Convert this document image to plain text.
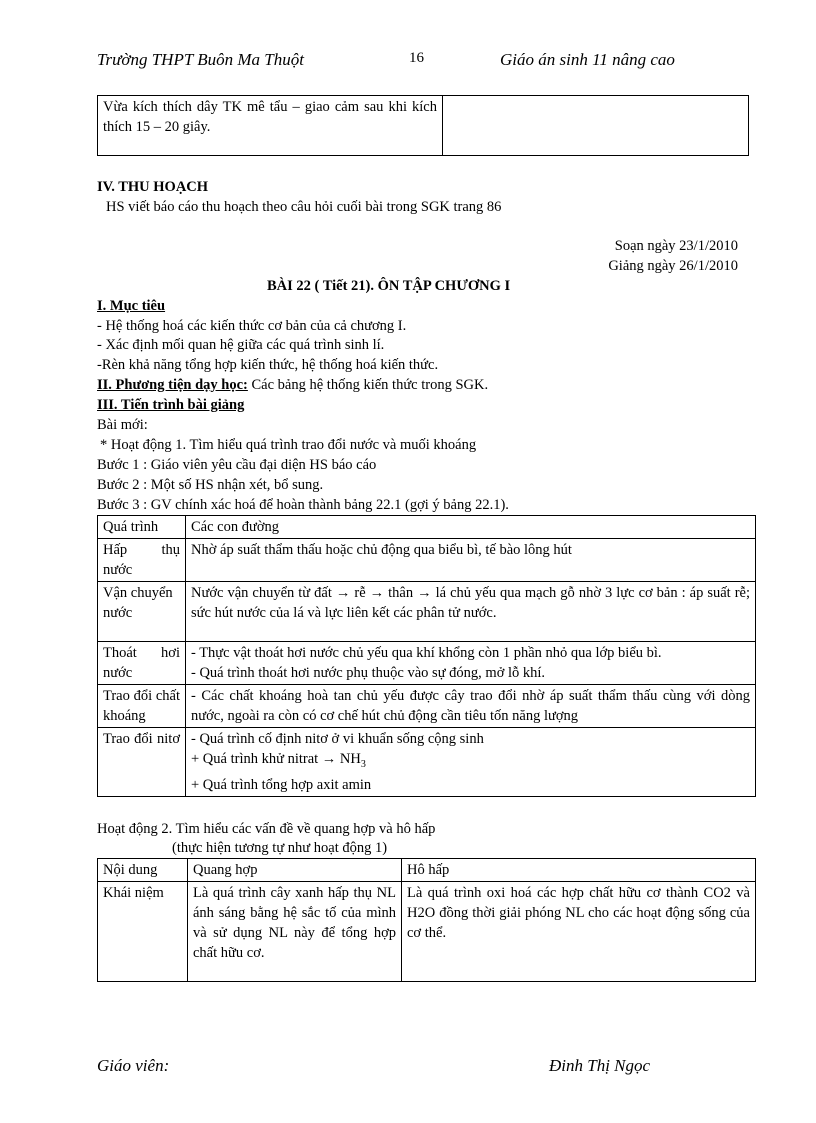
Trường THPT Buôn Ma Thuột	16	Giáo án sinh 11 nâng cao
Vừa kích thích dây TK mê tẩu – giao cảm sau khi kích thích 15 – 20 giây.	
IV. THU HOẠCH
HS viết báo cáo thu hoạch theo câu hỏi cuối bài trong SGK trang 86
Soạn ngày 23/1/2010
Giảng ngày 26/1/2010
BÀI 22 ( Tiết 21). ÔN TẬP CHƯƠNG I
I. Mục tiêu
- Hệ thống hoá các kiến thức cơ bản của cả chương I.
- Xác định mối quan hệ giữa các quá trình sinh lí.
-Rèn khả năng tổng hợp kiến thức, hệ thống hoá kiến thức.
II. Phương tiện dạy học: Các bảng hệ thống kiến thức trong SGK.
III. Tiến trình bài giảng
Bài mới:
* Hoạt động 1. Tìm hiểu quá trình trao đổi nước và muối khoáng
Bước 1 : Giáo viên yêu cầu đại diện HS báo cáo
Bước 2 : Một số HS nhận xét, bổ sung.
Bước 3 : GV chính xác hoá để hoàn thành bảng 22.1 (gợi ý bảng 22.1).
Quá trình	Các con đường
Hấp thụ nước	Nhờ áp suất thẩm thấu hoặc chủ động qua biểu bì, tế bào lông hút
Vận chuyển nước	Nước vận chuyển từ đất → rễ → thân → lá chủ yếu qua mạch gỗ nhờ 3 lực cơ bản : áp suất rễ; sức hút nước của lá và lực liên kết các phân tử nước.
Thoát hơi nước	- Thực vật thoát hơi nước chủ yếu qua khí khổng còn 1 phần nhỏ qua lớp biểu bì.
- Quá trình thoát hơi nước phụ thuộc vào sự đóng, mở lỗ khí.

Trao đổi chất khoáng	- Các chất khoáng hoà tan chủ yếu được cây trao đổi nhờ áp suất thẩm thấu cùng với dòng nước, ngoài ra còn có cơ chế hút chủ động cần tiêu tốn năng lượng
Trao đổi nitơ	- Quá trình cố định nitơ ở vi khuẩn sống cộng sinh
+ Quá trình khử nitrat → $NH_3$
+ Quá trình tổng hợp axit amin
Hoạt động 2. Tìm hiểu các vấn đề về quang hợp và hô hấp
(thực hiện tương tự như hoạt động 1)
Nội dung	Quang hợp	Hô hấp
Khái niệm	Là quá trình cây xanh hấp thụ NL ánh sáng bằng hệ sắc tố của mình và sử dụng NL này để tổng hợp chất hữu cơ.	Là quá trình oxi hoá các hợp chất hữu cơ thành CO2 và H2O đồng thời giải phóng NL cho các hoạt động sống của cơ thể.
Giáo viên:	Đinh Thị Ngọc
